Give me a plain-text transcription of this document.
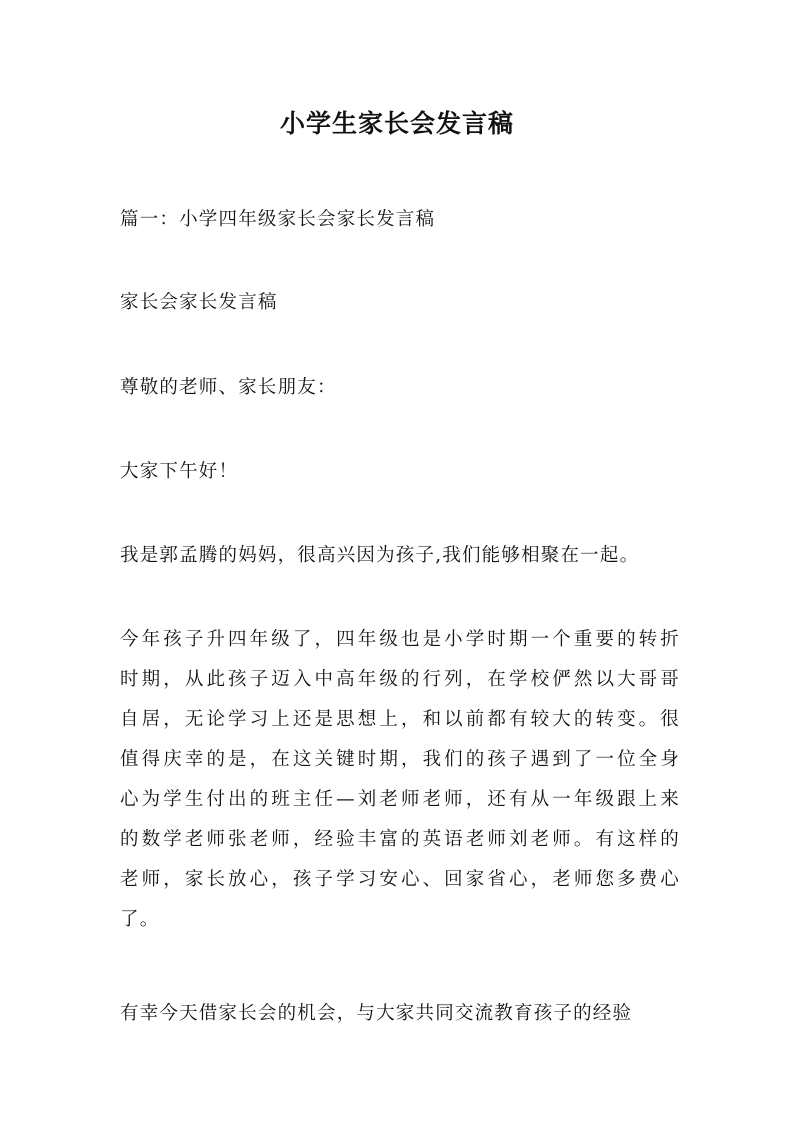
小学生家长会发言稿

篇一：小学四年级家长会家长发言稿

家长会家长发言稿

尊敬的老师、家长朋友：

大家下午好！

我是郭孟腾的妈妈，很高兴因为孩子,我们能够相聚在一起。

今年孩子升四年级了，四年级也是小学时期一个重要的转折
时期，从此孩子迈入中高年级的行列，在学校俨然以大哥哥
自居，无论学习上还是思想上，和以前都有较大的转变。很
值得庆幸的是，在这关键时期，我们的孩子遇到了一位全身
心为学生付出的班主任—刘老师老师，还有从一年级跟上来
的数学老师张老师，经验丰富的英语老师刘老师。有这样的
老师，家长放心，孩子学习安心、回家省心，老师您多费心
了。

有幸今天借家长会的机会，与大家共同交流教育孩子的经验
